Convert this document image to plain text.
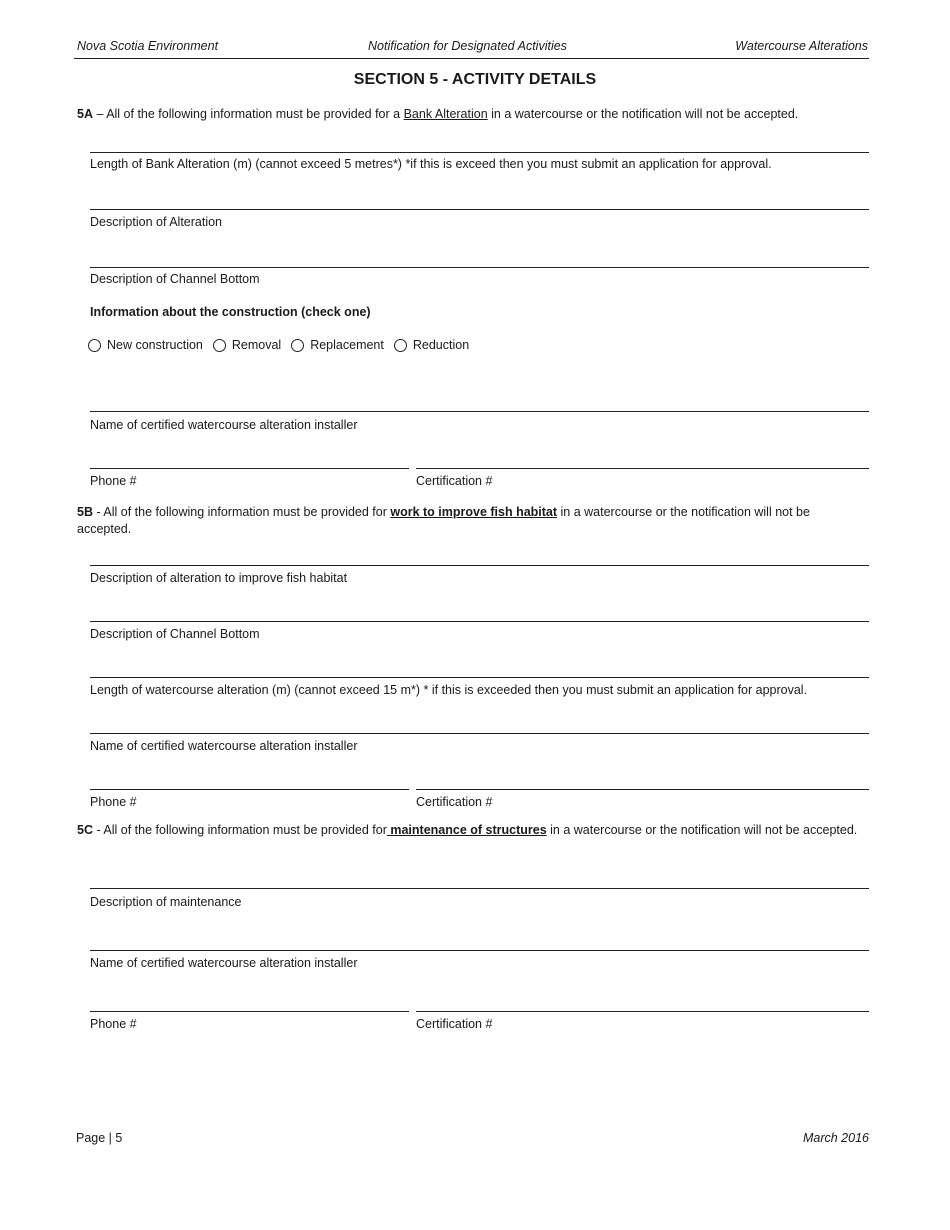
Nova Scotia Environment	Notification for Designated Activities	Watercourse Alterations
SECTION 5 - ACTIVITY DETAILS
5A – All of the following information must be provided for a Bank Alteration in a watercourse or the notification will not be accepted.
Length of Bank Alteration (m) (cannot exceed 5 metres*) *if this is exceed then you must submit an application for approval.
Description of Alteration
Description of Channel Bottom
Information about the construction (check one)
New construction Removal Replacement Reduction
Name of certified watercourse alteration installer
Phone #	Certification #
5B - All of the following information must be provided for work to improve fish habitat in a watercourse or the notification will not be accepted.
Description of alteration to improve fish habitat
Description of Channel Bottom
Length of watercourse alteration (m) (cannot exceed 15 m*) * if this is exceeded then you must submit an application for approval.
Name of certified watercourse alteration installer
Phone #	Certification #
5C - All of the following information must be provided for maintenance of structures in a watercourse or the notification will not be accepted.
Description of maintenance
Name of certified watercourse alteration installer
Phone #	Certification #
Page | 5	March 2016
